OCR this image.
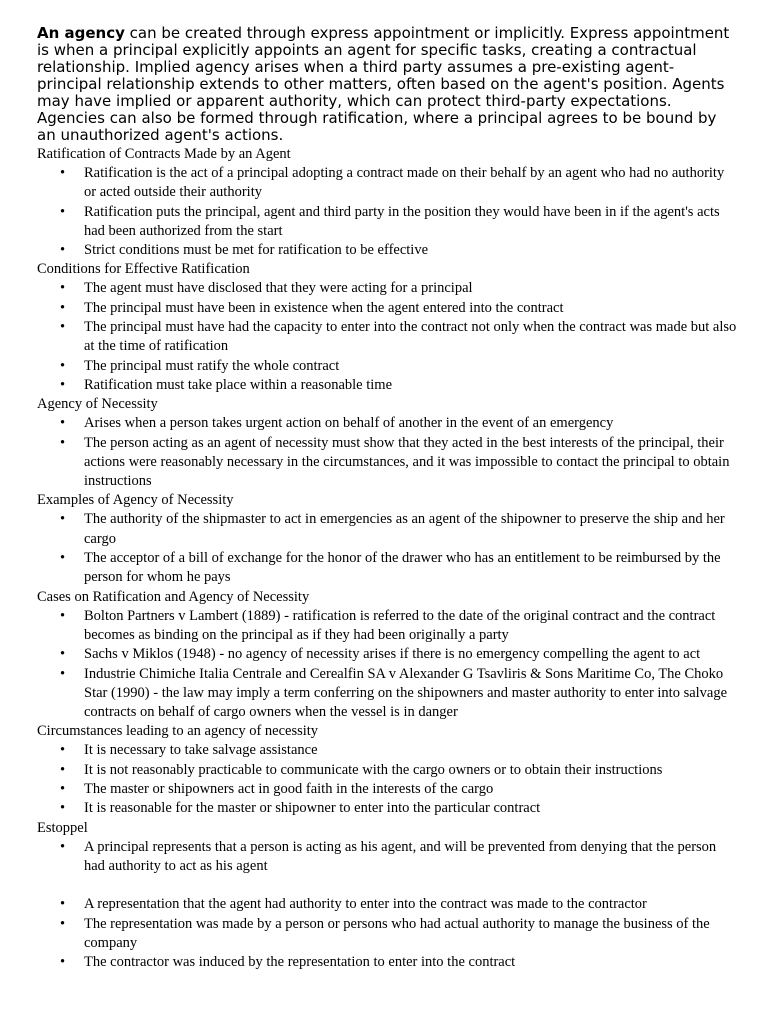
An agency can be created through express appointment or implicitly. Express appointment is when a principal explicitly appoints an agent for specific tasks, creating a contractual relationship. Implied agency arises when a third party assumes a pre-existing agent-principal relationship extends to other matters, often based on the agent's position. Agents may have implied or apparent authority, which can protect third-party expectations. Agencies can also be formed through ratification, where a principal agrees to be bound by an unauthorized agent's actions.

Ratification of Contracts Made by an Agent

• Ratification is the act of a principal adopting a contract made on their behalf by an agent who had no authority or acted outside their authority
• Ratification puts the principal, agent and third party in the position they would have been in if the agent's acts had been authorized from the start
• Strict conditions must be met for ratification to be effective

Conditions for Effective Ratification

• The agent must have disclosed that they were acting for a principal
• The principal must have been in existence when the agent entered into the contract
• The principal must have had the capacity to enter into the contract not only when the contract was made but also at the time of ratification
• The principal must ratify the whole contract
• Ratification must take place within a reasonable time

Agency of Necessity

• Arises when a person takes urgent action on behalf of another in the event of an emergency
• The person acting as an agent of necessity must show that they acted in the best interests of the principal, their actions were reasonably necessary in the circumstances, and it was impossible to contact the principal to obtain instructions

Examples of Agency of Necessity

• The authority of the shipmaster to act in emergencies as an agent of the shipowner to preserve the ship and her cargo
• The acceptor of a bill of exchange for the honor of the drawer who has an entitlement to be reimbursed by the person for whom he pays

Cases on Ratification and Agency of Necessity

• Bolton Partners v Lambert (1889) - ratification is referred to the date of the original contract and the contract becomes as binding on the principal as if they had been originally a party
• Sachs v Miklos (1948) - no agency of necessity arises if there is no emergency compelling the agent to act
• Industrie Chimiche Italia Centrale and Cerealfin SA v Alexander G Tsavliris & Sons Maritime Co, The Choko Star (1990) - the law may imply a term conferring on the shipowners and master authority to enter into salvage contracts on behalf of cargo owners when the vessel is in danger

Circumstances leading to an agency of necessity

• It is necessary to take salvage assistance
• It is not reasonably practicable to communicate with the cargo owners or to obtain their instructions
• The master or shipowners act in good faith in the interests of the cargo
• It is reasonable for the master or shipowner to enter into the particular contract

Estoppel

• A principal represents that a person is acting as his agent, and will be prevented from denying that the person had authority to act as his agent
• A representation that the agent had authority to enter into the contract was made to the contractor
• The representation was made by a person or persons who had actual authority to manage the business of the company
• The contractor was induced by the representation to enter into the contract
